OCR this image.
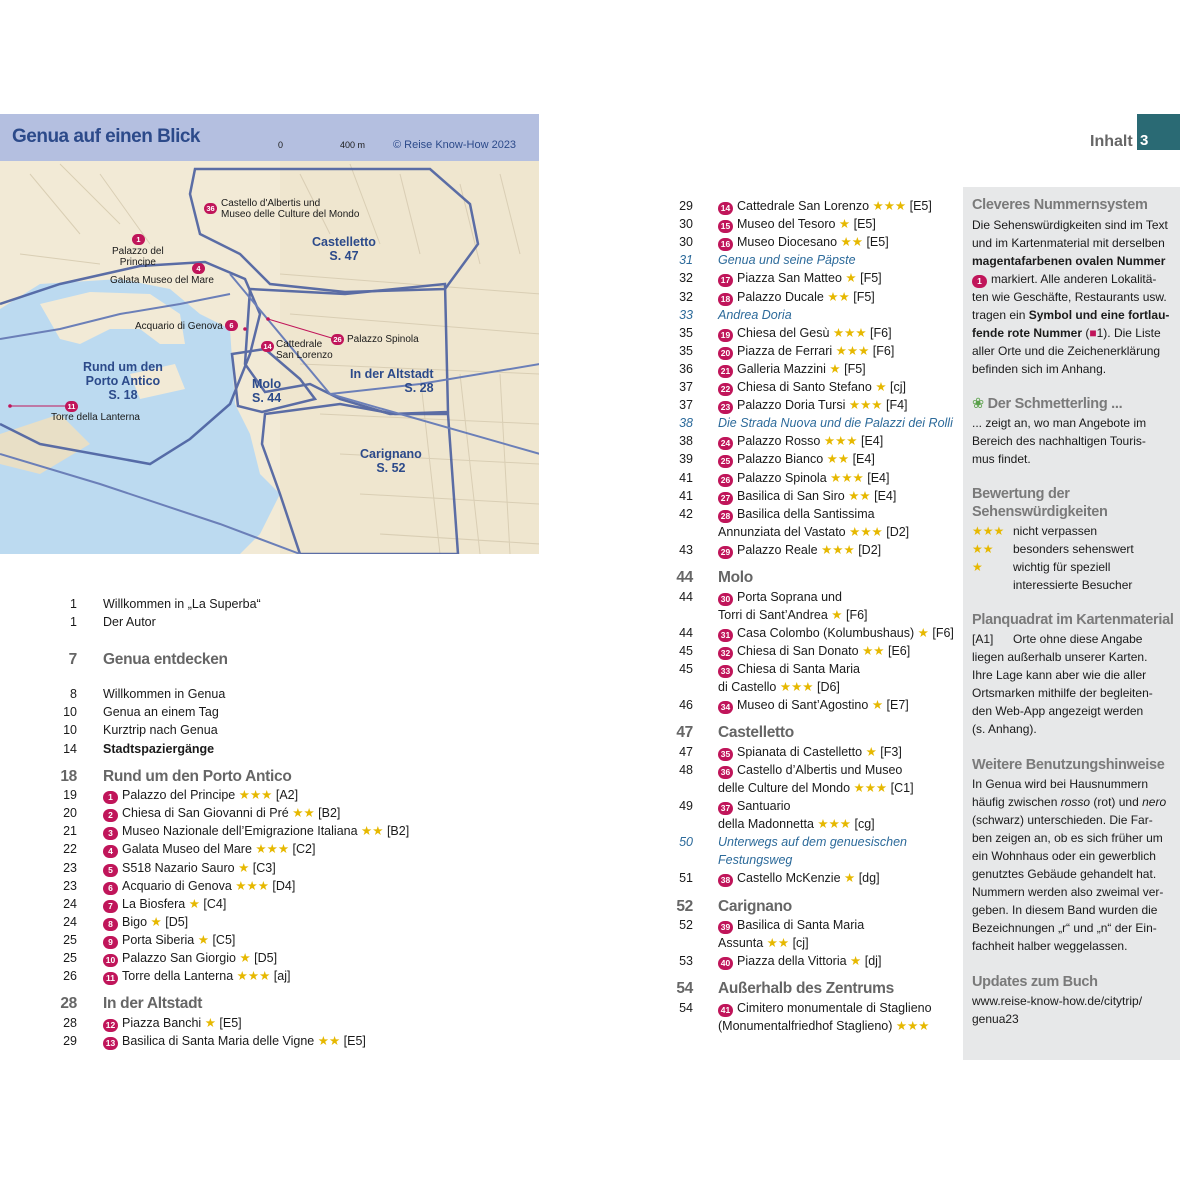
Inhalt 3
Genua auf einen Blick	0	400 m	© Reise Know-How 2023
Castelletto
S. 47
Rund um den
Porto Antico
S. 18
In der Altstadt
S. 28
Molo
S. 44
Carignano
S. 52
36 Castello d'Albertis und
Museo delle Culture del Mondo
1
Palazzo del
Principe
4
Galata Museo del Mare
Acquario di Genova 6
26 Palazzo Spinola
14 Cattedrale
San Lorenzo
11
Torre della Lanterna
1 Willkommen in „La Superba“
1 Der Autor
7 Genua entdecken
8 Willkommen in Genua
10 Genua an einem Tag
10 Kurztrip nach Genua
14 Stadtspaziergänge
18 Rund um den Porto Antico
19	1 Palazzo del Principe ★★★ [A2]
20	2 Chiesa di San Giovanni di Pré ★★ [B2]
21	3 Museo Nazionale dell’Emigrazione Italiana ★★ [B2]
22	4 Galata Museo del Mare ★★★ [C2]
23	5 S518 Nazario Sauro ★ [C3]
23	6 Acquario di Genova ★★★ [D4]
24	7 La Biosfera ★ [C4]
24	8 Bigo ★ [D5]
25	9 Porta Siberia ★ [C5]
25	10 Palazzo San Giorgio ★ [D5]
26	11 Torre della Lanterna ★★★ [aj]
28 In der Altstadt
28	12 Piazza Banchi ★ [E5]
29	13 Basilica di Santa Maria delle Vigne ★★ [E5]
29	14 Cattedrale San Lorenzo ★★★ [E5]
30	15 Museo del Tesoro ★ [E5]
30	16 Museo Diocesano ★★ [E5]
31 Genua und seine Päpste
32	17 Piazza San Matteo ★ [F5]
32	18 Palazzo Ducale ★★ [F5]
33 Andrea Doria
35	19 Chiesa del Gesù ★★★ [F6]
35	20 Piazza de Ferrari ★★★ [F6]
36	21 Galleria Mazzini ★ [F5]
37	22 Chiesa di Santo Stefano ★ [cj]
37	23 Palazzo Doria Tursi ★★★ [F4]
38 Die Strada Nuova und die Palazzi dei Rolli
38	24 Palazzo Rosso ★★★ [E4]
39	25 Palazzo Bianco ★★ [E4]
41	26 Palazzo Spinola ★★★ [E4]
41	27 Basilica di San Siro ★★ [E4]
42	28 Basilica della Santissima
Annunziata del Vastato ★★★ [D2]
43	29 Palazzo Reale ★★★ [D2]
44 Molo
44	30 Porta Soprana und
Torri di Sant’Andrea ★ [F6]
44	31 Casa Colombo (Kolumbushaus) ★ [F6]
45	32 Chiesa di San Donato ★★ [E6]
45	33 Chiesa di Santa Maria
di Castello ★★★ [D6]
46	34 Museo di Sant’Agostino ★ [E7]
47 Castelletto
47	35 Spianata di Castelletto ★ [F3]
48	36 Castello d’Albertis und Museo
delle Culture del Mondo ★★★ [C1]
49	37 Santuario
della Madonnetta ★★★ [cg]
50 Unterwegs auf dem genuesischen
Festungsweg
51	38 Castello McKenzie ★ [dg]
52 Carignano
52	39 Basilica di Santa Maria
Assunta ★★ [cj]
53	40 Piazza della Vittoria ★ [dj]
54 Außerhalb des Zentrums
54	41 Cimitero monumentale di Staglieno
(Monumentalfriedhof Staglieno) ★★★
Cleveres Nummernsystem
Die Sehenswürdigkeiten sind im Text
und im Kartenmaterial mit derselben
magentafarbenen ovalen Nummer
1 markiert. Alle anderen Lokalitä-
ten wie Geschäfte, Restaurants usw.
tragen ein Symbol und eine fortlau-
fende rote Nummer (■1). Die Liste
aller Orte und die Zeichenerklärung
befinden sich im Anhang.
❀ Der Schmetterling ...
... zeigt an, wo man Angebote im
Bereich des nachhaltigen Touris-
mus findet.
Bewertung der
Sehenswürdigkeiten
★★★ nicht verpassen
★★ besonders sehenswert
★	wichtig für speziell
interessierte Besucher
Planquadrat im Kartenmaterial
[A1] Orte ohne diese Angabe
liegen außerhalb unserer Karten.
Ihre Lage kann aber wie die aller
Ortsmarken mithilfe der begleiten-
den Web-App angezeigt werden
(s. Anhang).
Weitere Benutzungshinweise
In Genua wird bei Hausnummern
häufig zwischen rosso (rot) und nero
(schwarz) unterschieden. Die Far-
ben zeigen an, ob es sich früher um
ein Wohnhaus oder ein gewerblich
genutztes Gebäude gehandelt hat.
Nummern werden also zweimal ver-
geben. In diesem Band wurden die
Bezeichnungen „r“ und „n“ der Ein-
fachheit halber weggelassen.
Updates zum Buch
www.reise-know-how.de/citytrip/
genua23
